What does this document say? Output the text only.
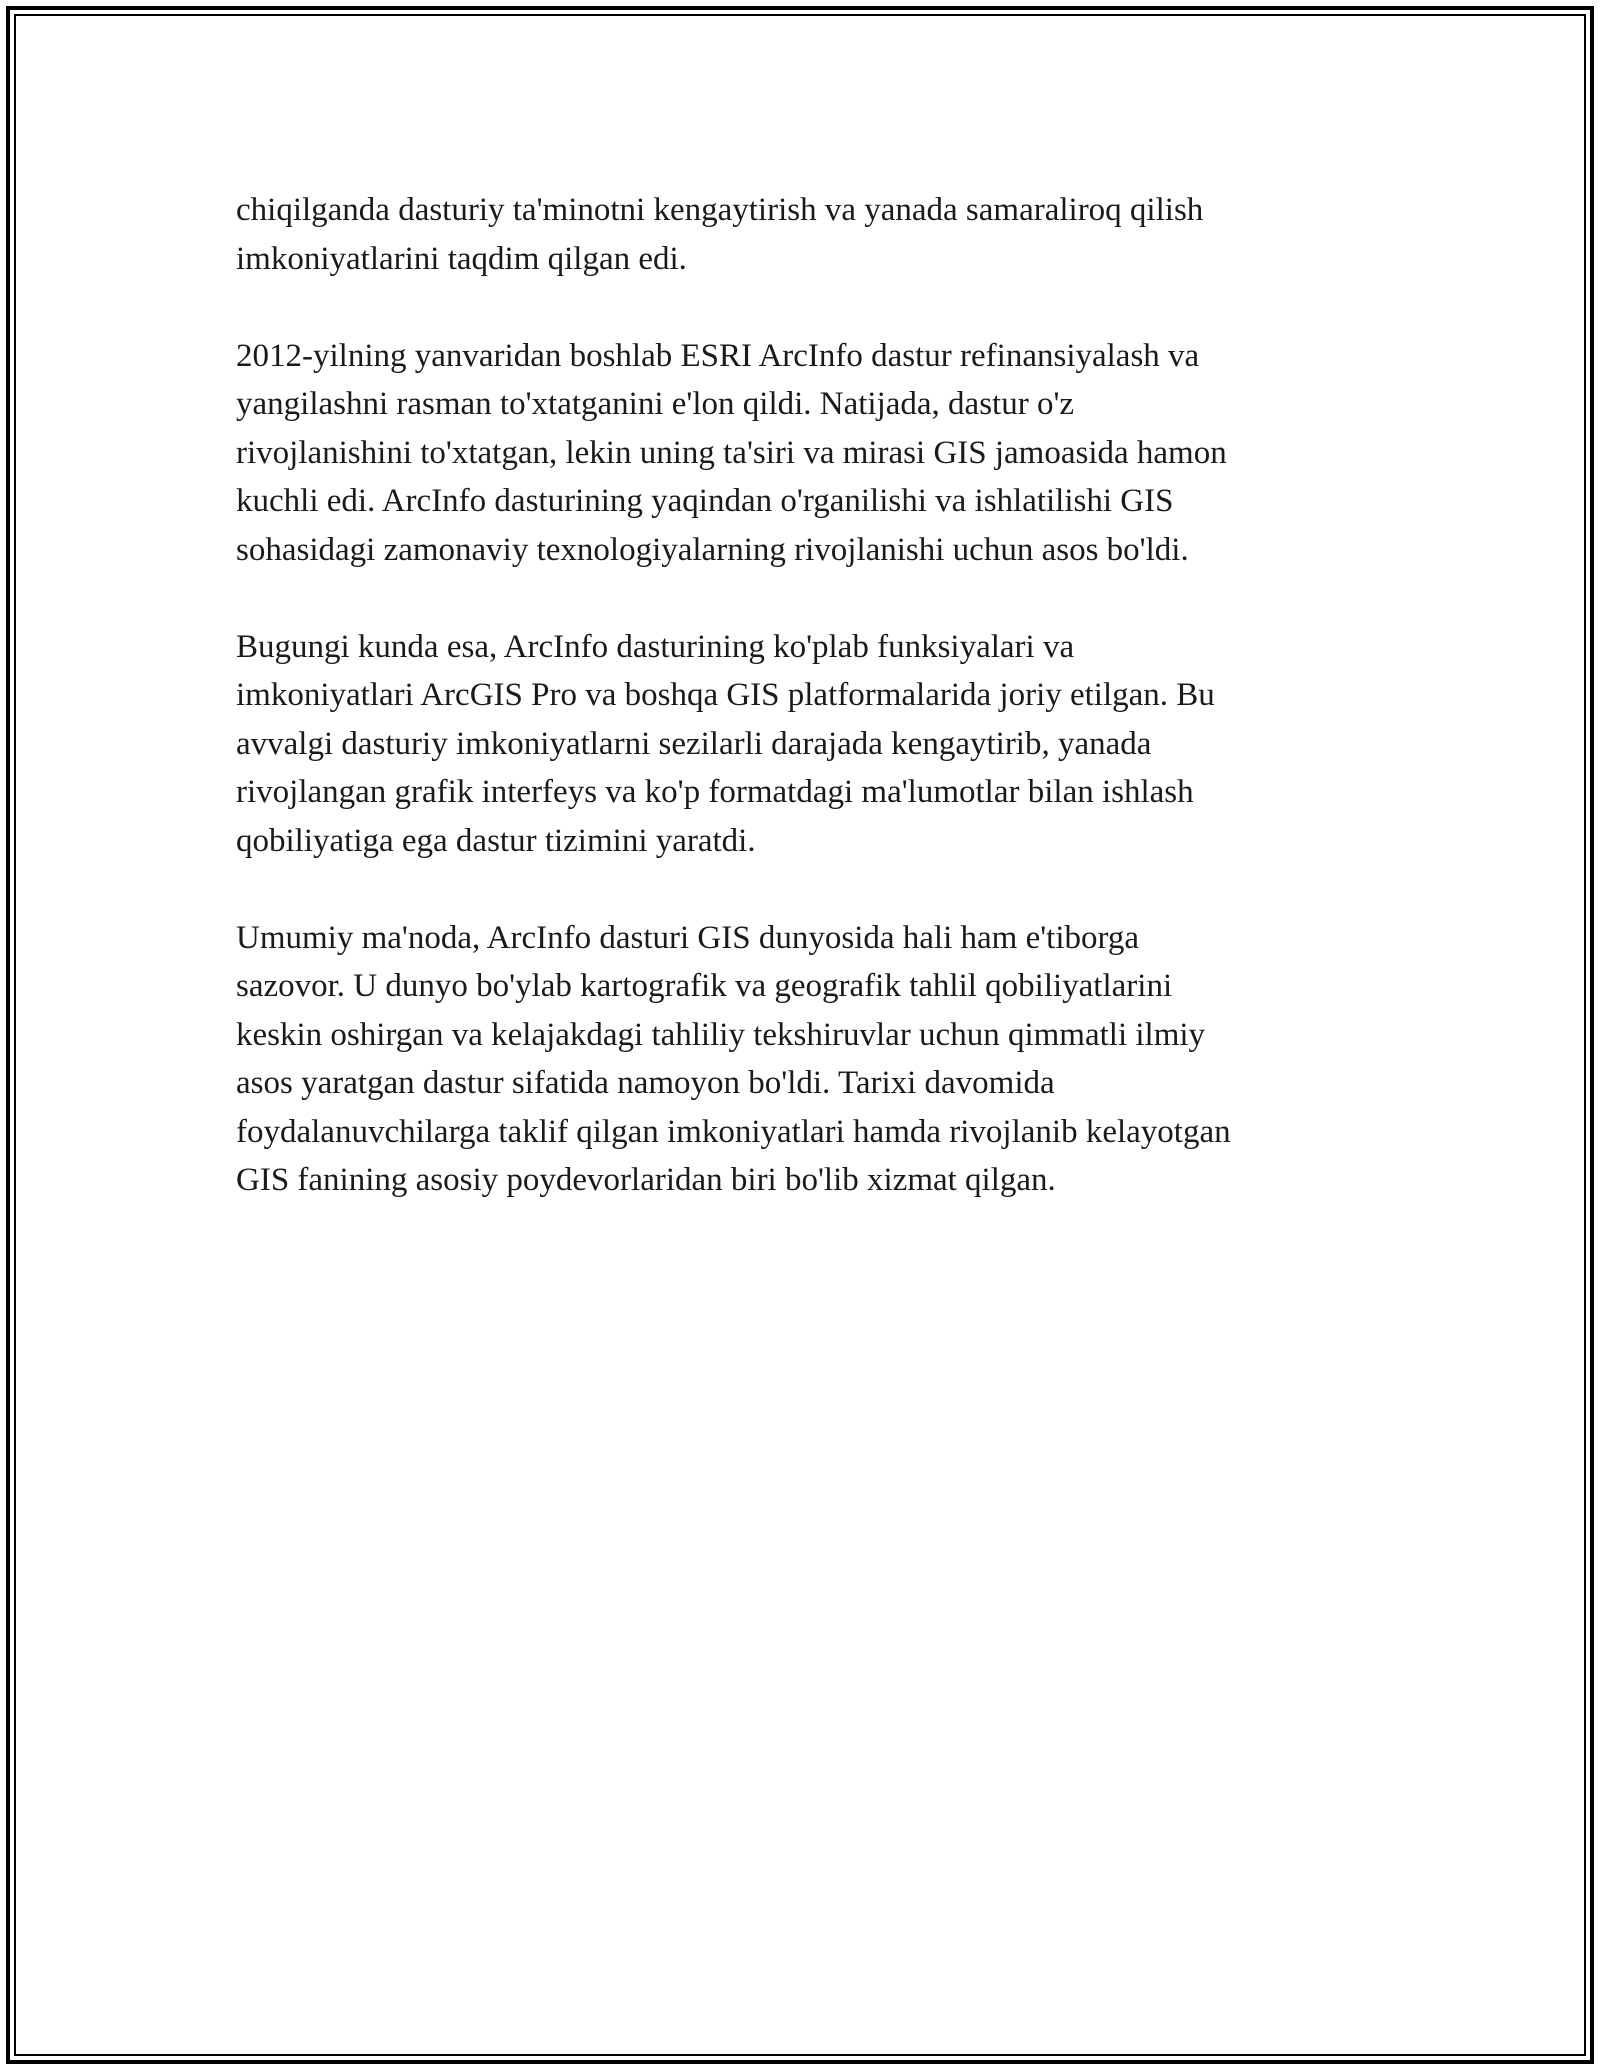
chiqilganda dasturiy ta'minotni kengaytirish va yanada samaraliroq qilish
imkoniyatlarini taqdim qilgan edi.

2012-yilning yanvaridan boshlab ESRI ArcInfo dastur refinansiyalash va
yangilashni rasman to'xtatganini e'lon qildi. Natijada, dastur o'z
rivojlanishini to'xtatgan, lekin uning ta'siri va mirasi GIS jamoasida hamon
kuchli edi. ArcInfo dasturining yaqindan o'rganilishi va ishlatilishi GIS
sohasidagi zamonaviy texnologiyalarning rivojlanishi uchun asos bo'ldi.

Bugungi kunda esa, ArcInfo dasturining ko'plab funksiyalari va
imkoniyatlari ArcGIS Pro va boshqa GIS platformalarida joriy etilgan. Bu
avvalgi dasturiy imkoniyatlarni sezilarli darajada kengaytirib, yanada
rivojlangan grafik interfeys va ko'p formatdagi ma'lumotlar bilan ishlash
qobiliyatiga ega dastur tizimini yaratdi.

Umumiy ma'noda, ArcInfo dasturi GIS dunyosida hali ham e'tiborga
sazovor. U dunyo bo'ylab kartografik va geografik tahlil qobiliyatlarini
keskin oshirgan va kelajakdagi tahliliy tekshiruvlar uchun qimmatli ilmiy
asos yaratgan dastur sifatida namoyon bo'ldi. Tarixi davomida
foydalanuvchilarga taklif qilgan imkoniyatlari hamda rivojlanib kelayotgan
GIS fanining asosiy poydevorlaridan biri bo'lib xizmat qilgan.
